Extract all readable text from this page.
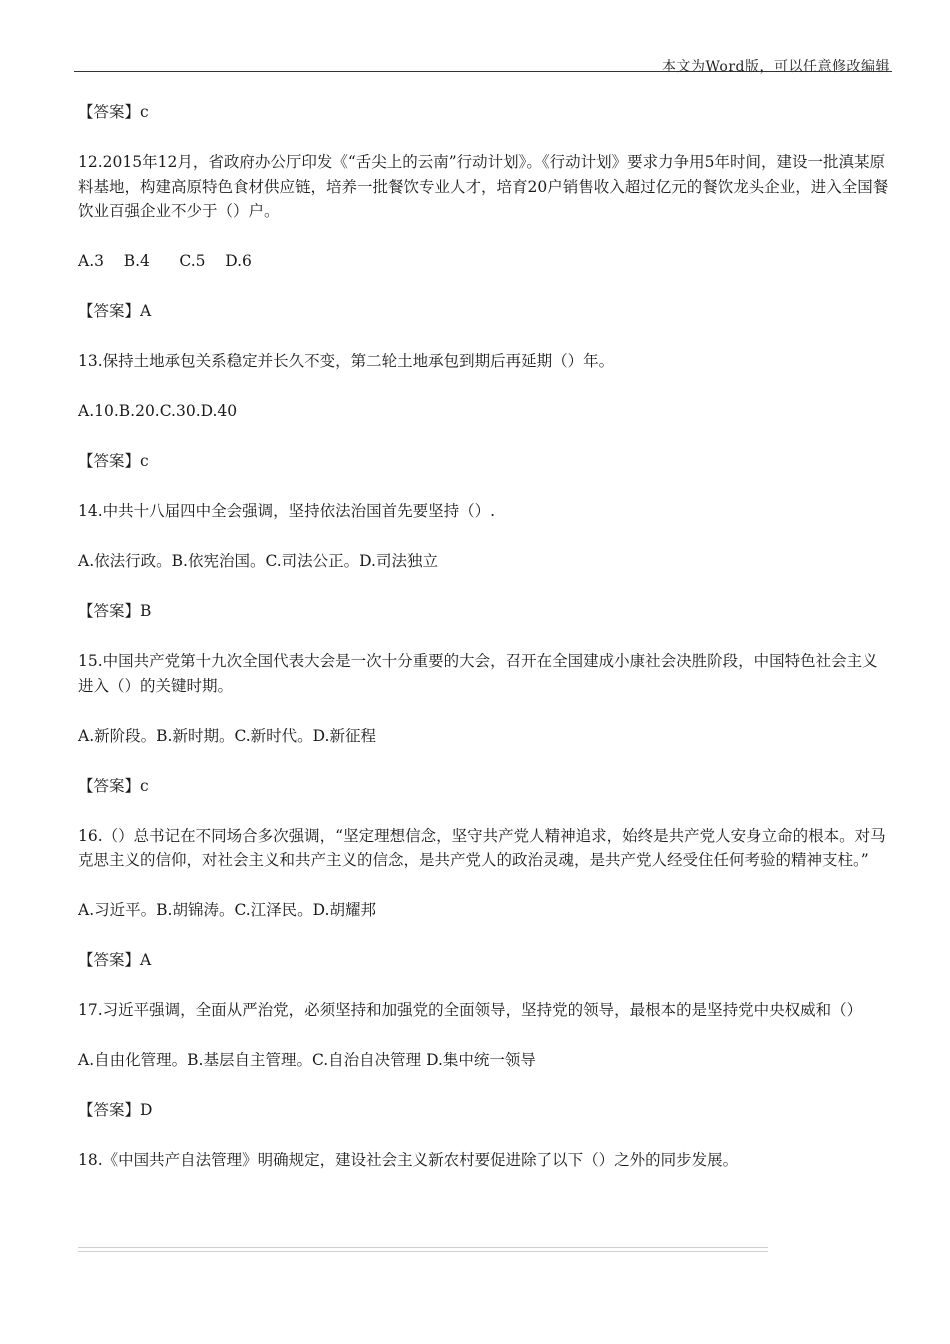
本文为Word版，可以任意修改编辑

【答案】c

12.2015年12月，省政府办公厅印发《“舌尖上的云南”行动计划》。《行动计划》要求力争用5年时间，建设一批滇某原料基地，构建高原特色食材供应链，培养一批餐饮专业人才，培育20户销售收入超过亿元的餐饮龙头企业，进入全国餐饮业百强企业不少于（）户。

A.3    B.4      C.5    D.6

【答案】A

13.保持土地承包关系稳定并长久不变，第二轮土地承包到期后再延期（）年。

A.10.B.20.C.30.D.40

【答案】c

14.中共十八届四中全会强调，坚持依法治国首先要坚持（）.

A.依法行政。B.依宪治国。C.司法公正。D.司法独立

【答案】B

15.中国共产党第十九次全国代表大会是一次十分重要的大会，召开在全国建成小康社会决胜阶段，中国特色社会主义进入（）的关键时期。

A.新阶段。B.新时期。C.新时代。D.新征程

【答案】c

16.（）总书记在不同场合多次强调，“坚定理想信念，坚守共产党人精神追求，始终是共产党人安身立命的根本。对马克思主义的信仰，对社会主义和共产主义的信念，是共产党人的政治灵魂，是共产党人经受住任何考验的精神支柱。”

A.习近平。B.胡锦涛。C.江泽民。D.胡耀邦

【答案】A

17.习近平强调，全面从严治党，必须坚持和加强党的全面领导，坚持党的领导，最根本的是坚持党中央权威和（）

A.自由化管理。B.基层自主管理。C.自治自决管理 D.集中统一领导

【答案】D

18.《中国共产自法管理》明确规定，建设社会主义新农村要促进除了以下（）之外的同步发展。
